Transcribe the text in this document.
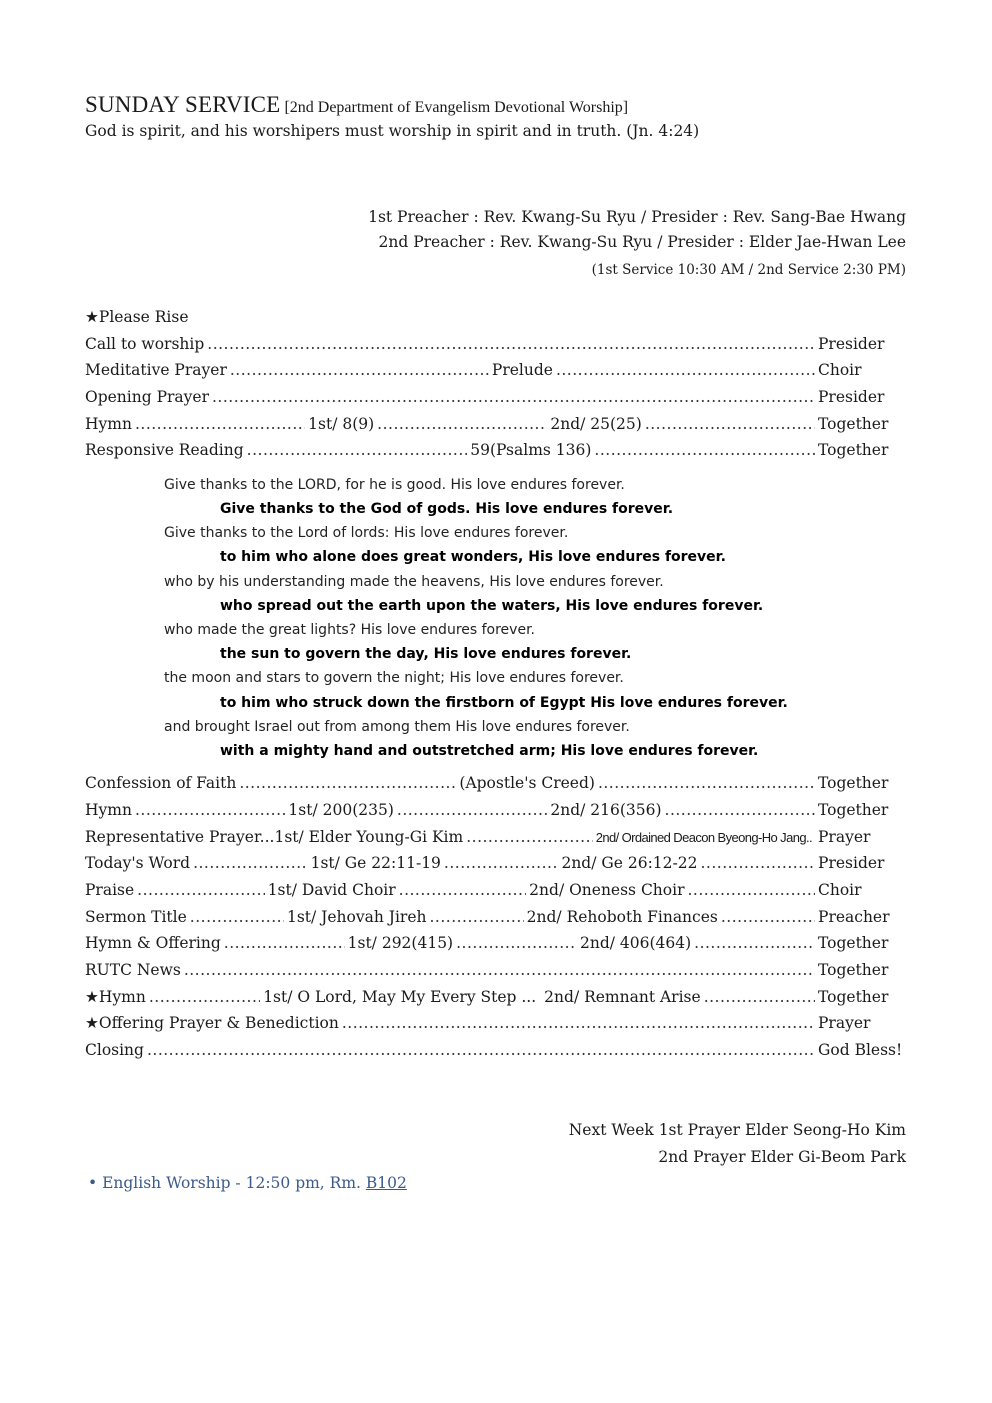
SUNDAY SERVICE [2nd Department of Evangelism Devotional Worship]
God is spirit, and his worshipers must worship in spirit and in truth. (Jn. 4:24)
1st Preacher : Rev. Kwang-Su Ryu / Presider : Rev. Sang-Bae Hwang
2nd Preacher : Rev. Kwang-Su Ryu / Presider : Elder Jae-Hwan Lee
(1st Service 10:30 AM / 2nd Service 2:30 PM)
★Please Rise
Call to worship .....	Presider
Meditative Prayer .....	Prelude .....	Choir
Opening Prayer .....	Presider
Hymn .....	1st/ 8(9) .....	2nd/ 25(25) .....	Together
Responsive Reading .....	59(Psalms 136) .....	Together
Give thanks to the LORD, for he is good. His love endures forever.
Give thanks to the God of gods. His love endures forever.
Give thanks to the Lord of lords: His love endures forever.
to him who alone does great wonders, His love endures forever.
who by his understanding made the heavens, His love endures forever.
who spread out the earth upon the waters, His love endures forever.
who made the great lights? His love endures forever.
the sun to govern the day, His love endures forever.
the moon and stars to govern the night; His love endures forever.
to him who struck down the firstborn of Egypt His love endures forever.
and brought Israel out from among them His love endures forever.
with a mighty hand and outstretched arm; His love endures forever.
Confession of Faith .....	(Apostle's Creed) .....	Together
Hymn .....	1st/ 200(235) .....	2nd/ 216(356) .....	Together
Representative Prayer... 1st/ Elder Young-Gi Kim .....	2nd/ Ordained Deacon Byeong-Ho Jang.. Prayer
Today's Word .....	1st/ Ge 22:11-19 .....	2nd/ Ge 26:12-22 .....	Presider
Praise .....	1st/ David Choir .....	2nd/ Oneness Choir .....	Choir
Sermon Title .....	1st/ Jehovah Jireh .....	2nd/ Rehoboth Finances .....	Preacher
Hymn & Offering .....	1st/ 292(415) .....	2nd/ 406(464) .....	Together
RUTC News .....	Together
★Hymn .....	1st/ O Lord, May My Every Step ... 2nd/ Remnant Arise .....	Together
★Offering Prayer & Benediction .....	Prayer
Closing .....	God Bless!
Next Week 1st Prayer Elder Seong-Ho Kim
2nd Prayer Elder Gi-Beom Park
• English Worship - 12:50 pm, Rm. B102
